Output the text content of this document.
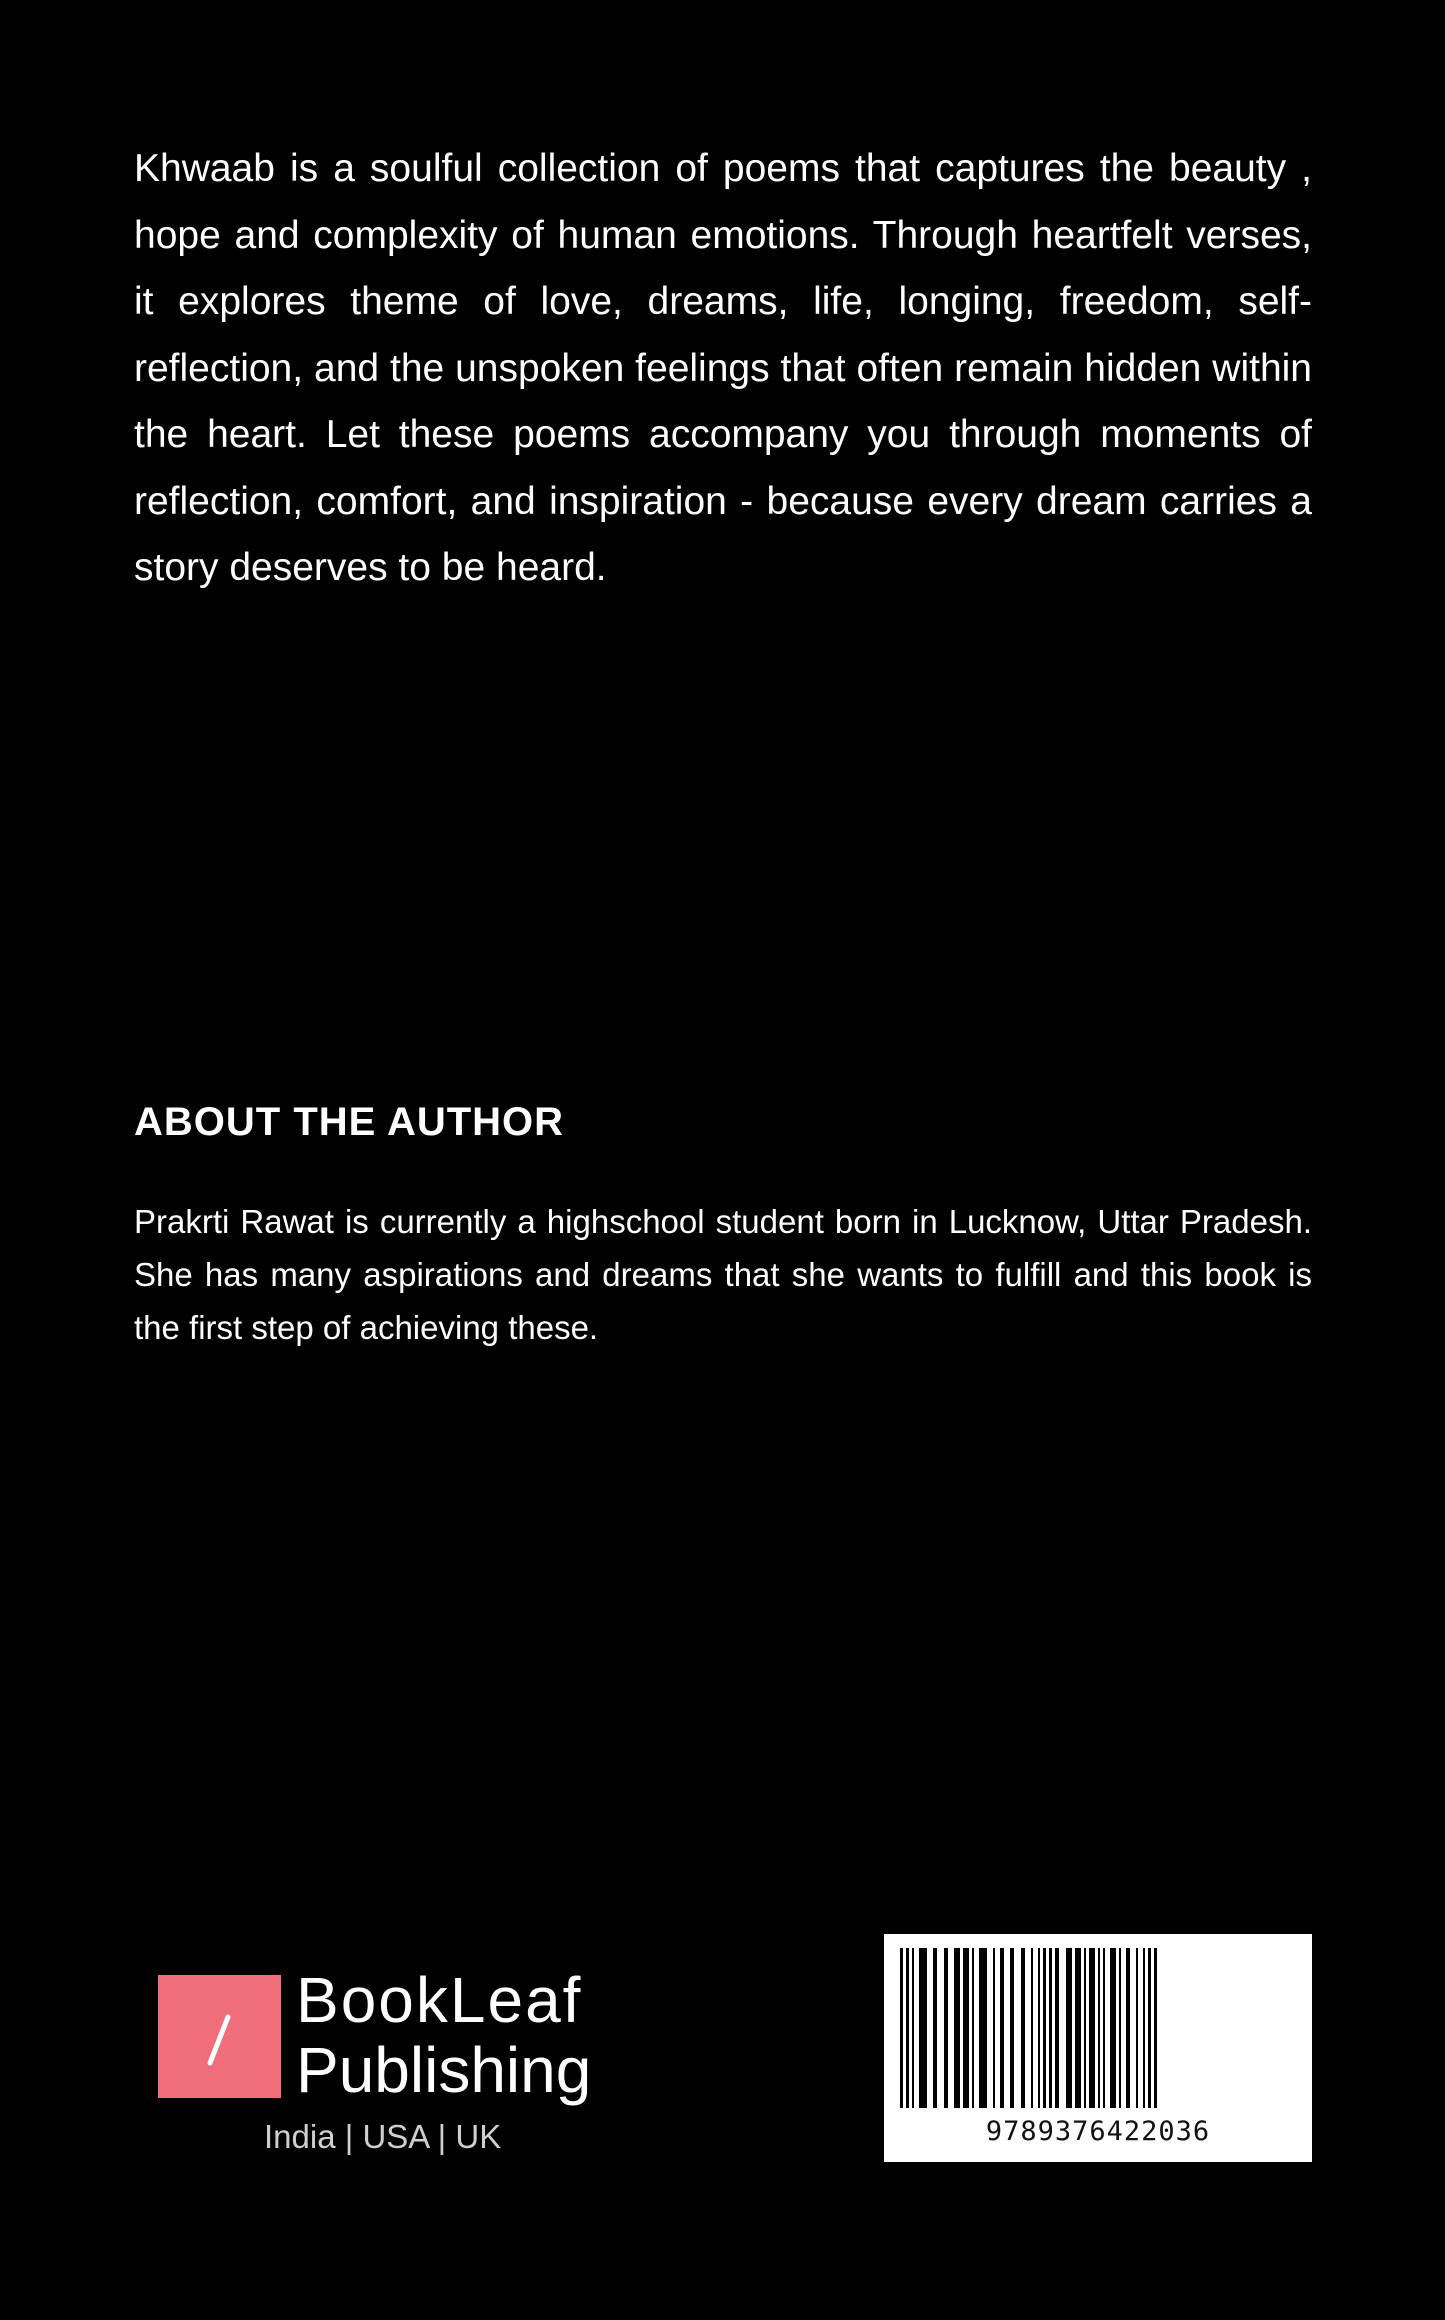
Khwaab is a soulful collection of poems that captures the beauty , hope and complexity of human emotions. Through heartfelt verses, it explores theme of love, dreams, life, longing, freedom, self-reflection, and the unspoken feelings that often remain hidden within the heart. Let these poems accompany you through moments of reflection, comfort, and inspiration - because every dream carries a story deserves to be heard.

ABOUT THE AUTHOR

Prakrti Rawat is currently a highschool student born in Lucknow, Uttar Pradesh. She has many aspirations and dreams that she wants to fulfill and this book is the first step of achieving these.

BookLeaf
Publishing
India | USA | UK	9789376422036
